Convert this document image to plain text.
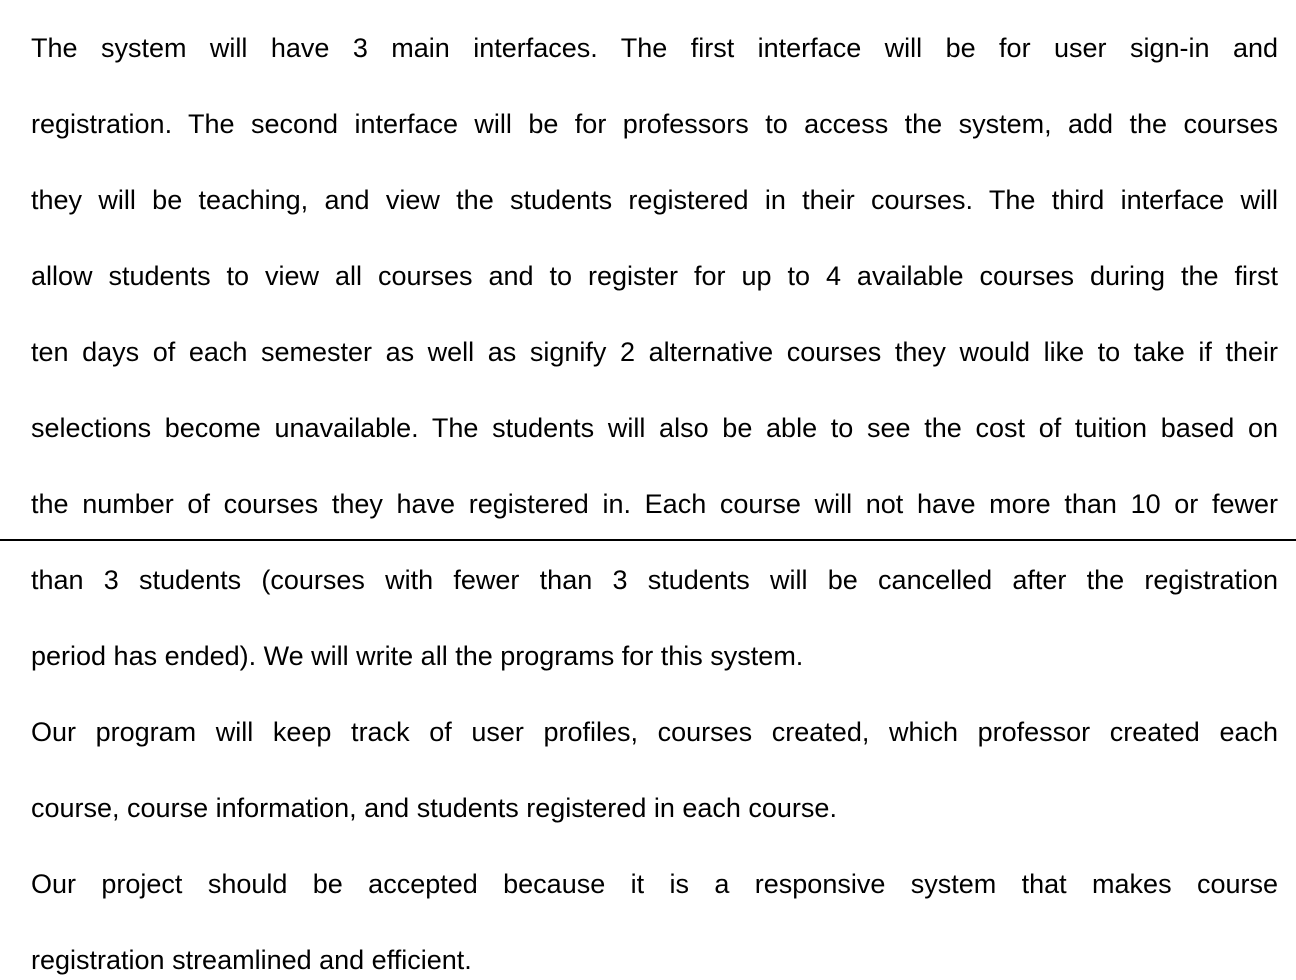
The system will have 3 main interfaces. The first interface will be for user sign-in and
registration. The second interface will be for professors to access the system, add the courses
they will be teaching, and view the students registered in their courses. The third interface will
allow students to view all courses and to register for up to 4 available courses during the first
ten days of each semester as well as signify 2 alternative courses they would like to take if their
selections become unavailable. The students will also be able to see the cost of tuition based on
the number of courses they have registered in. Each course will not have more than 10 or fewer
than 3 students (courses with fewer than 3 students will be cancelled after the registration
period has ended). We will write all the programs for this system.
Our program will keep track of user profiles, courses created, which professor created each
course, course information, and students registered in each course.
Our project should be accepted because it is a responsive system that makes course
registration streamlined and efficient.
